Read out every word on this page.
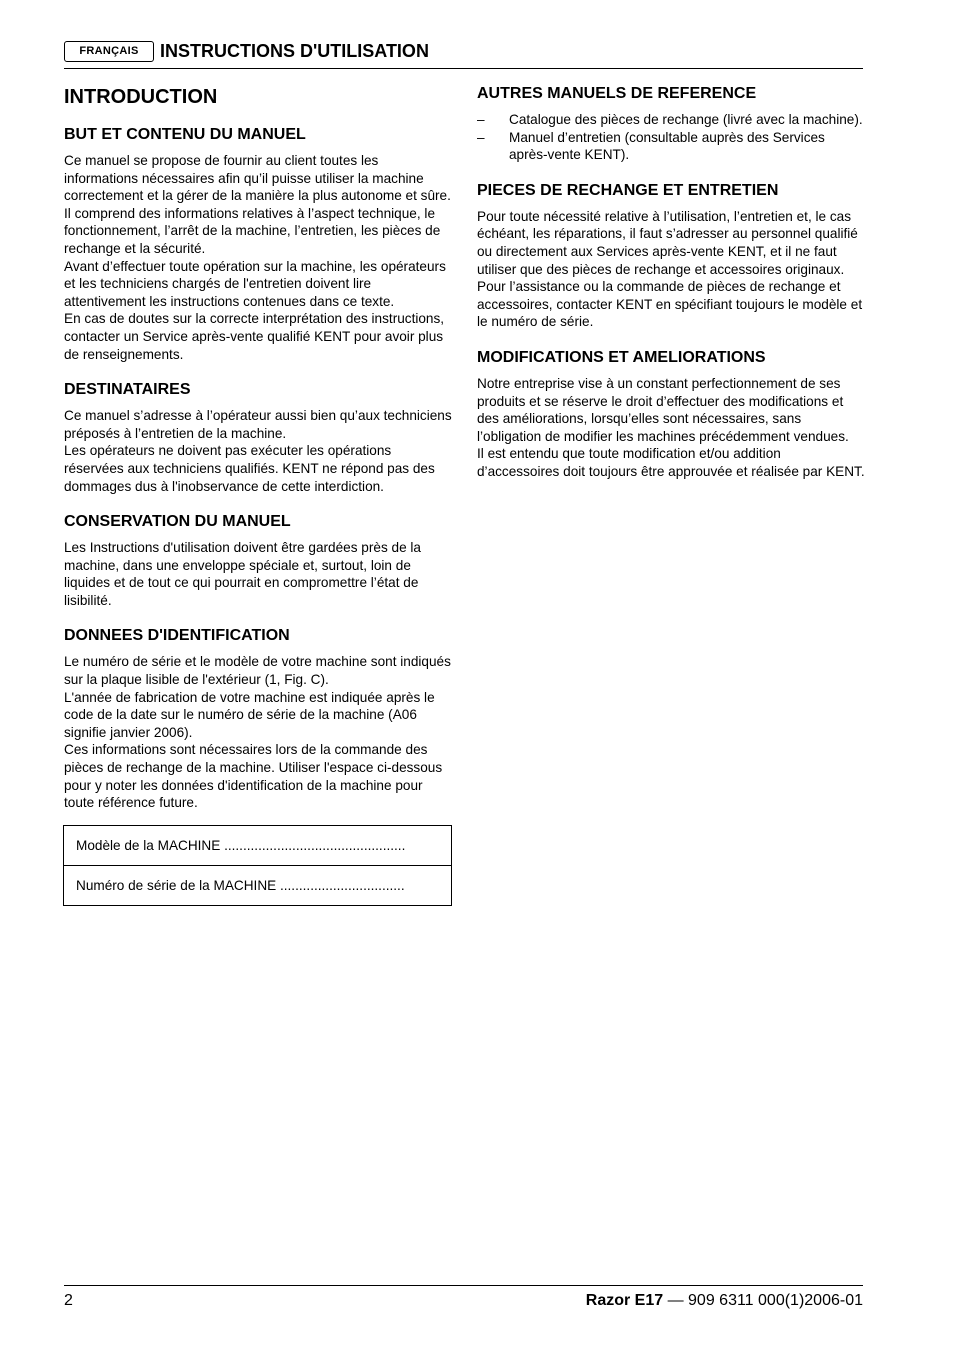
FRANÇAIS	INSTRUCTIONS D'UTILISATION
INTRODUCTION
BUT ET CONTENU DU MANUEL

Ce manuel se propose de fournir au client toutes les informations nécessaires afin qu’il puisse utiliser la machine correctement et la gérer de la manière la plus autonome et sûre. Il comprend des informations relatives à l’aspect technique, le fonctionnement, l’arrêt de la machine, l’entretien, les pièces de rechange et la sécurité.

Avant d’effectuer toute opération sur la machine, les opérateurs et les techniciens chargés de l'entretien doivent lire attentivement les instructions contenues dans ce texte.

En cas de doutes sur la correcte interprétation des instructions, contacter un Service après-vente qualifié KENT pour avoir plus de renseignements.

DESTINATAIRES

Ce manuel s’adresse à l’opérateur aussi bien qu’aux techniciens préposés à l’entretien de la machine.

Les opérateurs ne doivent pas exécuter les opérations réservées aux techniciens qualifiés. KENT ne répond pas des dommages dus à l'inobservance de cette interdiction.

CONSERVATION DU MANUEL

Les Instructions d'utilisation doivent être gardées près de la machine, dans une enveloppe spéciale et, surtout, loin de liquides et de tout ce qui pourrait en compromettre l’état de lisibilité.

DONNEES D'IDENTIFICATION

Le numéro de série et le modèle de votre machine sont indiqués sur la plaque lisible de l'extérieur (1, Fig. C).

L'année de fabrication de votre machine est indiquée après le code de la date sur le numéro de série de la machine (A06 signifie janvier 2006).

Ces informations sont nécessaires lors de la commande des pièces de rechange de la machine. Utiliser l'espace ci-dessous pour y noter les données d'identification de la machine pour toute référence future.

Modèle de la MACHINE ................................................
Numéro de série de la MACHINE .................................
AUTRES MANUELS DE REFERENCE
– Catalogue des pièces de rechange (livré avec la machine).
– Manuel d’entretien (consultable auprès des Services après-vente KENT).
PIECES DE RECHANGE ET ENTRETIEN

Pour toute nécessité relative à l’utilisation, l’entretien et, le cas échéant, les réparations, il faut s’adresser au personnel qualifié ou directement aux Services après-vente KENT, et il ne faut utiliser que des pièces de rechange et accessoires originaux.

Pour l’assistance ou la commande de pièces de rechange et accessoires, contacter KENT en spécifiant toujours le modèle et le numéro de série.

MODIFICATIONS ET AMELIORATIONS

Notre entreprise vise à un constant perfectionnement de ses produits et se réserve le droit d’effectuer des modifications et des améliorations, lorsqu’elles sont nécessaires, sans l’obligation de modifier les machines précédemment vendues.

Il est entendu que toute modification et/ou addition d’accessoires doit toujours être approuvée et réalisée par KENT.

2	Razor E17 — 909 6311 000(1)2006-01
